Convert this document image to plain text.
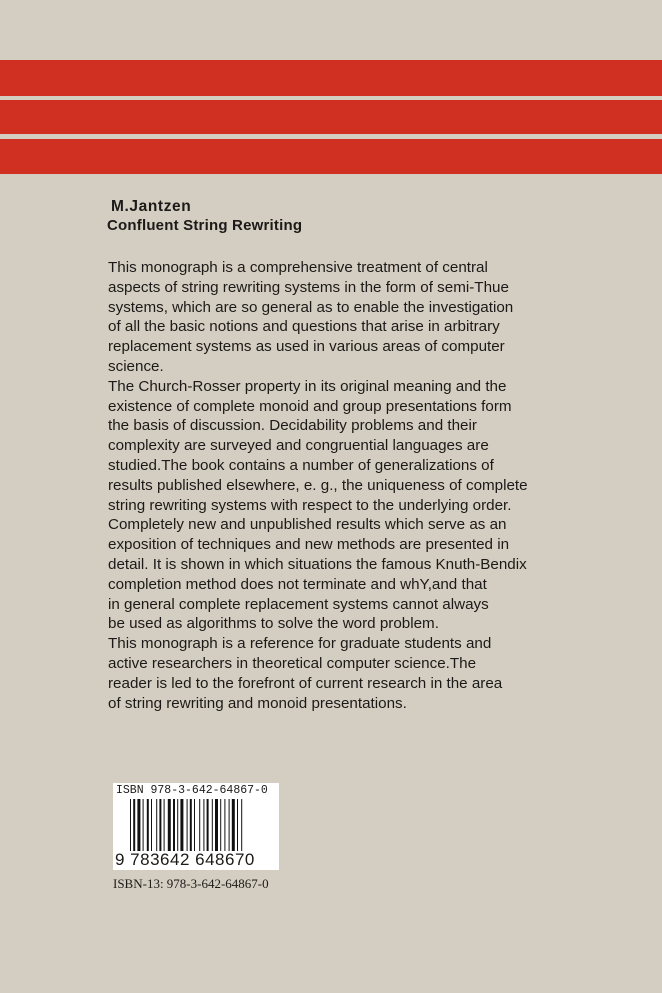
M.Jantzen
Confluent String Rewriting
This monograph is a comprehensive treatment of central
aspects of string rewriting systems in the form of semi-Thue
systems, which are so general as to enable the investigation
of all the basic notions and questions that arise in arbitrary
replacement systems as used in various areas of computer
science.
The Church-Rosser property in its original meaning and the
existence of complete monoid and group presentations form
the basis of discussion. Decidability problems and their
complexity are surveyed and congruential languages are
studied.The book contains a number of generalizations of
results published elsewhere, e. g., the uniqueness of complete
string rewriting systems with respect to the underlying order.
Completely new and unpublished results which serve as an
exposition of techniques and new methods are presented in
detail. It is shown in which situations the famous Knuth-Bendix
completion method does not terminate and whY,and that
in general complete replacement systems cannot always
be used as algorithms to solve the word problem.
This monograph is a reference for graduate students and
active researchers in theoretical computer science.The
reader is led to the forefront of current research in the area
of string rewriting and monoid presentations.
ISBN 978-3-642-64867-0
9 783642 648670
ISBN-13: 978-3-642-64867-0
